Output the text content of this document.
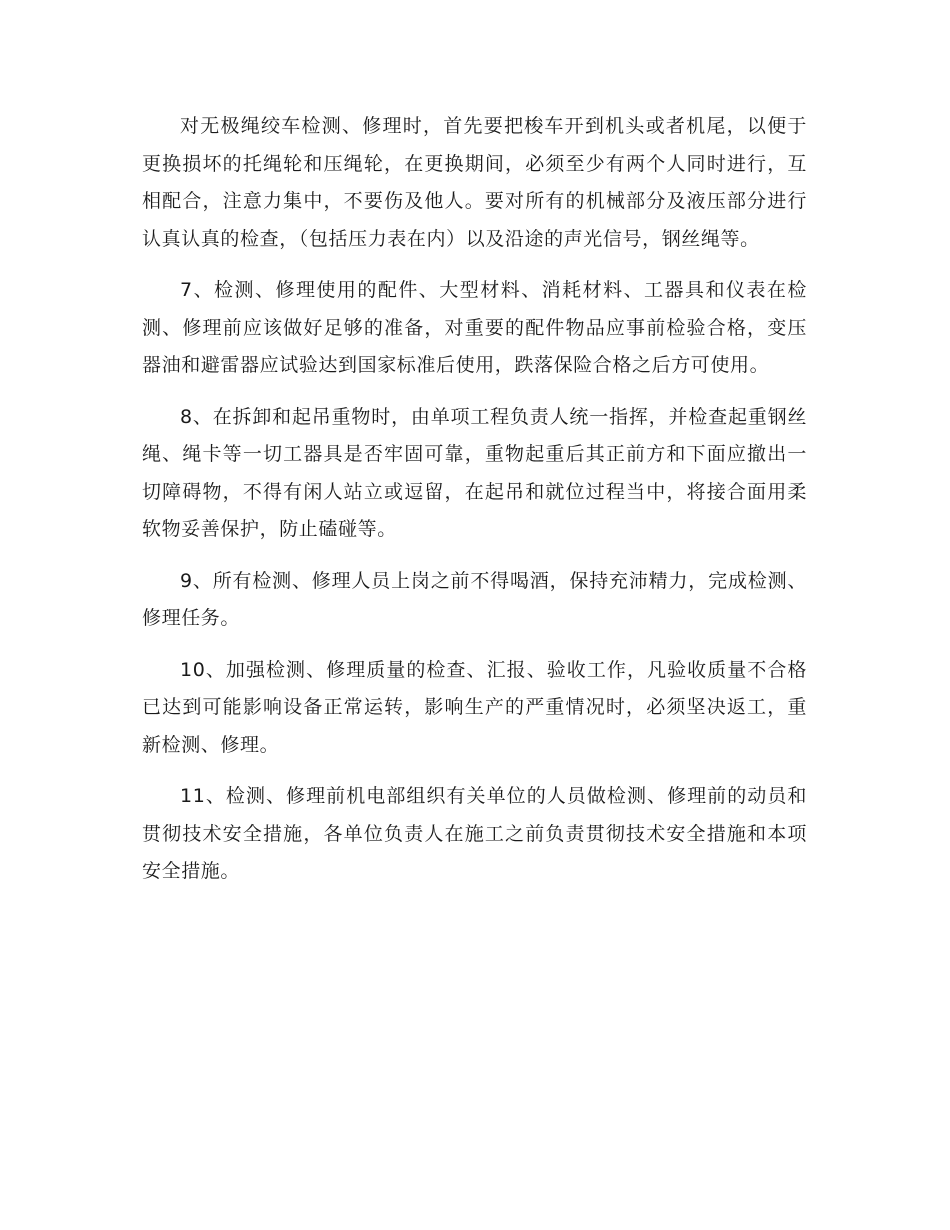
对无极绳绞车检测、修理时，首先要把梭车开到机头或者机尾，以便于更换损坏的托绳轮和压绳轮，在更换期间，必须至少有两个人同时进行，互相配合，注意力集中，不要伤及他人。要对所有的机械部分及液压部分进行认真认真的检查，（包括压力表在内）以及沿途的声光信号，钢丝绳等。

7、检测、修理使用的配件、大型材料、消耗材料、工器具和仪表在检测、修理前应该做好足够的准备，对重要的配件物品应事前检验合格，变压器油和避雷器应试验达到国家标准后使用，跌落保险合格之后方可使用。

8、在拆卸和起吊重物时，由单项工程负责人统一指挥，并检查起重钢丝绳、绳卡等一切工器具是否牢固可靠，重物起重后其正前方和下面应撤出一切障碍物，不得有闲人站立或逗留，在起吊和就位过程当中，将接合面用柔软物妥善保护，防止磕碰等。

9、所有检测、修理人员上岗之前不得喝酒，保持充沛精力，完成检测、修理任务。

10、加强检测、修理质量的检查、汇报、验收工作，凡验收质量不合格已达到可能影响设备正常运转，影响生产的严重情况时，必须坚决返工，重新检测、修理。

11、检测、修理前机电部组织有关单位的人员做检测、修理前的动员和贯彻技术安全措施，各单位负责人在施工之前负责贯彻技术安全措施和本项安全措施。
